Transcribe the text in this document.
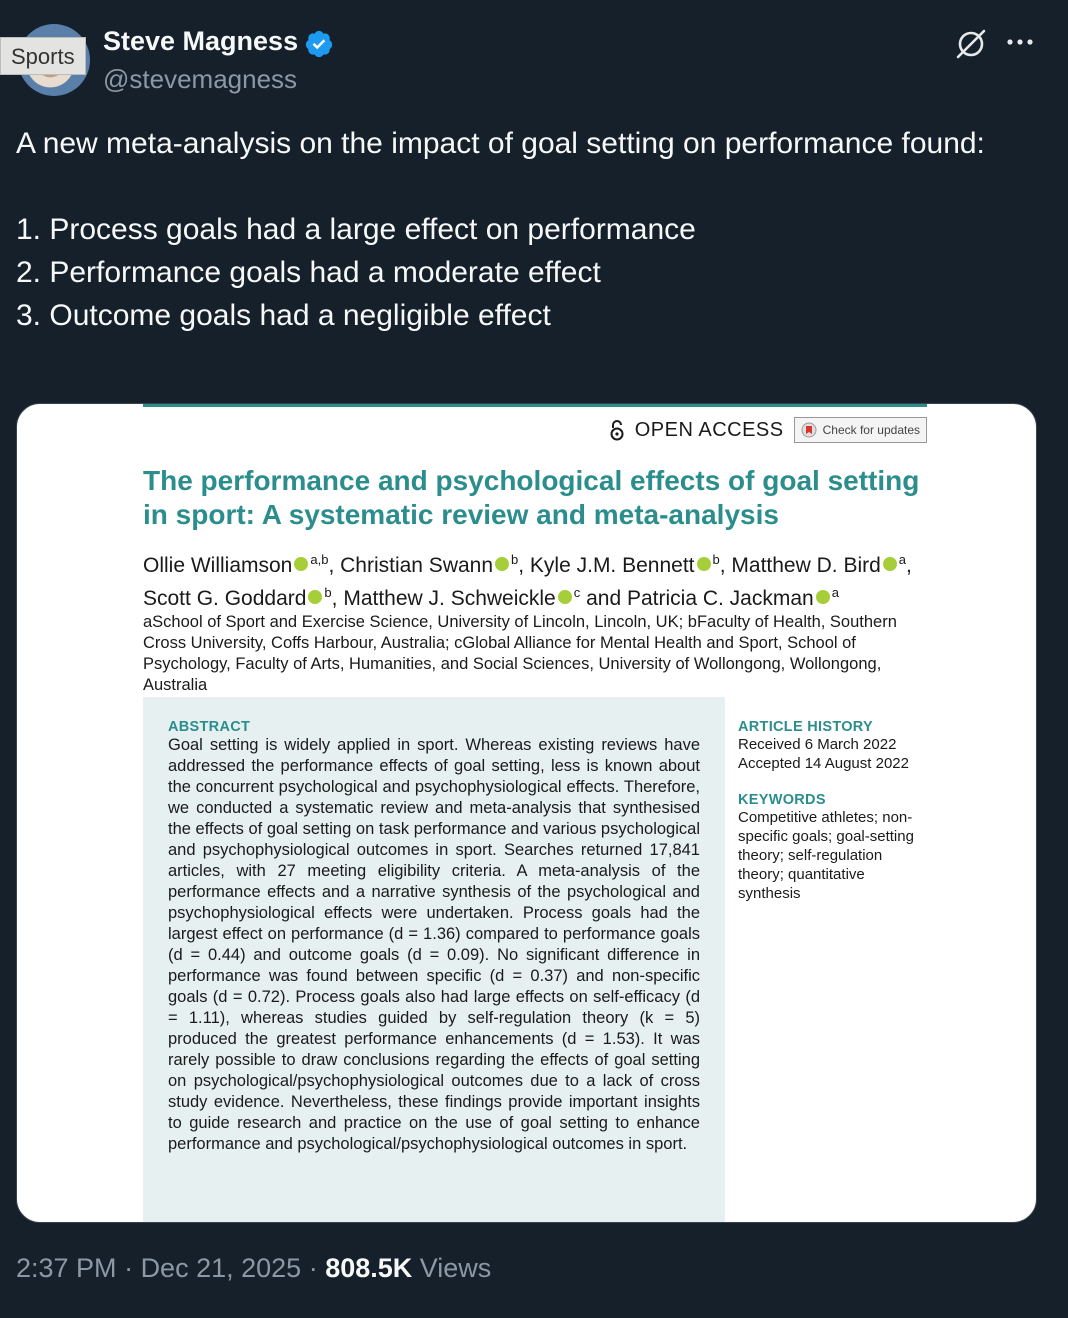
Sports
Steve Magness
@stevemagness
A new meta-analysis on the impact of goal setting on performance found:

1. Process goals had a large effect on performance
2. Performance goals had a moderate effect
3. Outcome goals had a negligible effect
OPEN ACCESS	Check for updates
The performance and psychological effects of goal setting in sport: A systematic review and meta-analysis
Ollie Williamson $^{a,b}$, Christian Swann $^b$, Kyle J.M. Bennett $^b$, Matthew D. Bird $^a$, Scott G. Goddard $^b$, Matthew J. Schweickle $^c$ and Patricia C. Jackman $^a$
aSchool of Sport and Exercise Science, University of Lincoln, Lincoln, UK; bFaculty of Health, Southern Cross University, Coffs Harbour, Australia; cGlobal Alliance for Mental Health and Sport, School of Psychology, Faculty of Arts, Humanities, and Social Sciences, University of Wollongong, Wollongong, Australia
ABSTRACT
Goal setting is widely applied in sport. Whereas existing reviews have addressed the performance effects of goal setting, less is known about the concurrent psychological and psychophysiological effects. Therefore, we conducted a systematic review and meta-analysis that synthesised the effects of goal setting on task performance and various psychological and psychophysiological outcomes in sport. Searches returned 17,841 articles, with 27 meeting eligibility criteria. A meta-analysis of the performance effects and a narrative synthesis of the psychological and psychophysiological effects were undertaken. Process goals had the largest effect on performance (d = 1.36) compared to performance goals (d = 0.44) and outcome goals (d = 0.09). No significant difference in performance was found between specific (d = 0.37) and non-specific goals (d = 0.72). Process goals also had large effects on self-efficacy (d = 1.11), whereas studies guided by self-regulation theory (k = 5) produced the greatest performance enhancements (d = 1.53). It was rarely possible to draw conclusions regarding the effects of goal setting on psychological/psychophysiological outcomes due to a lack of cross study evidence. Nevertheless, these findings provide important insights to guide research and practice on the use of goal setting to enhance performance and psychological/psychophysiological outcomes in sport.
ARTICLE HISTORY
Received 6 March 2022
Accepted 14 August 2022
KEYWORDS
Competitive athletes; non-specific goals; goal-setting theory; self-regulation theory; quantitative synthesis
2:37 PM · Dec 21, 2025 · 808.5K Views
